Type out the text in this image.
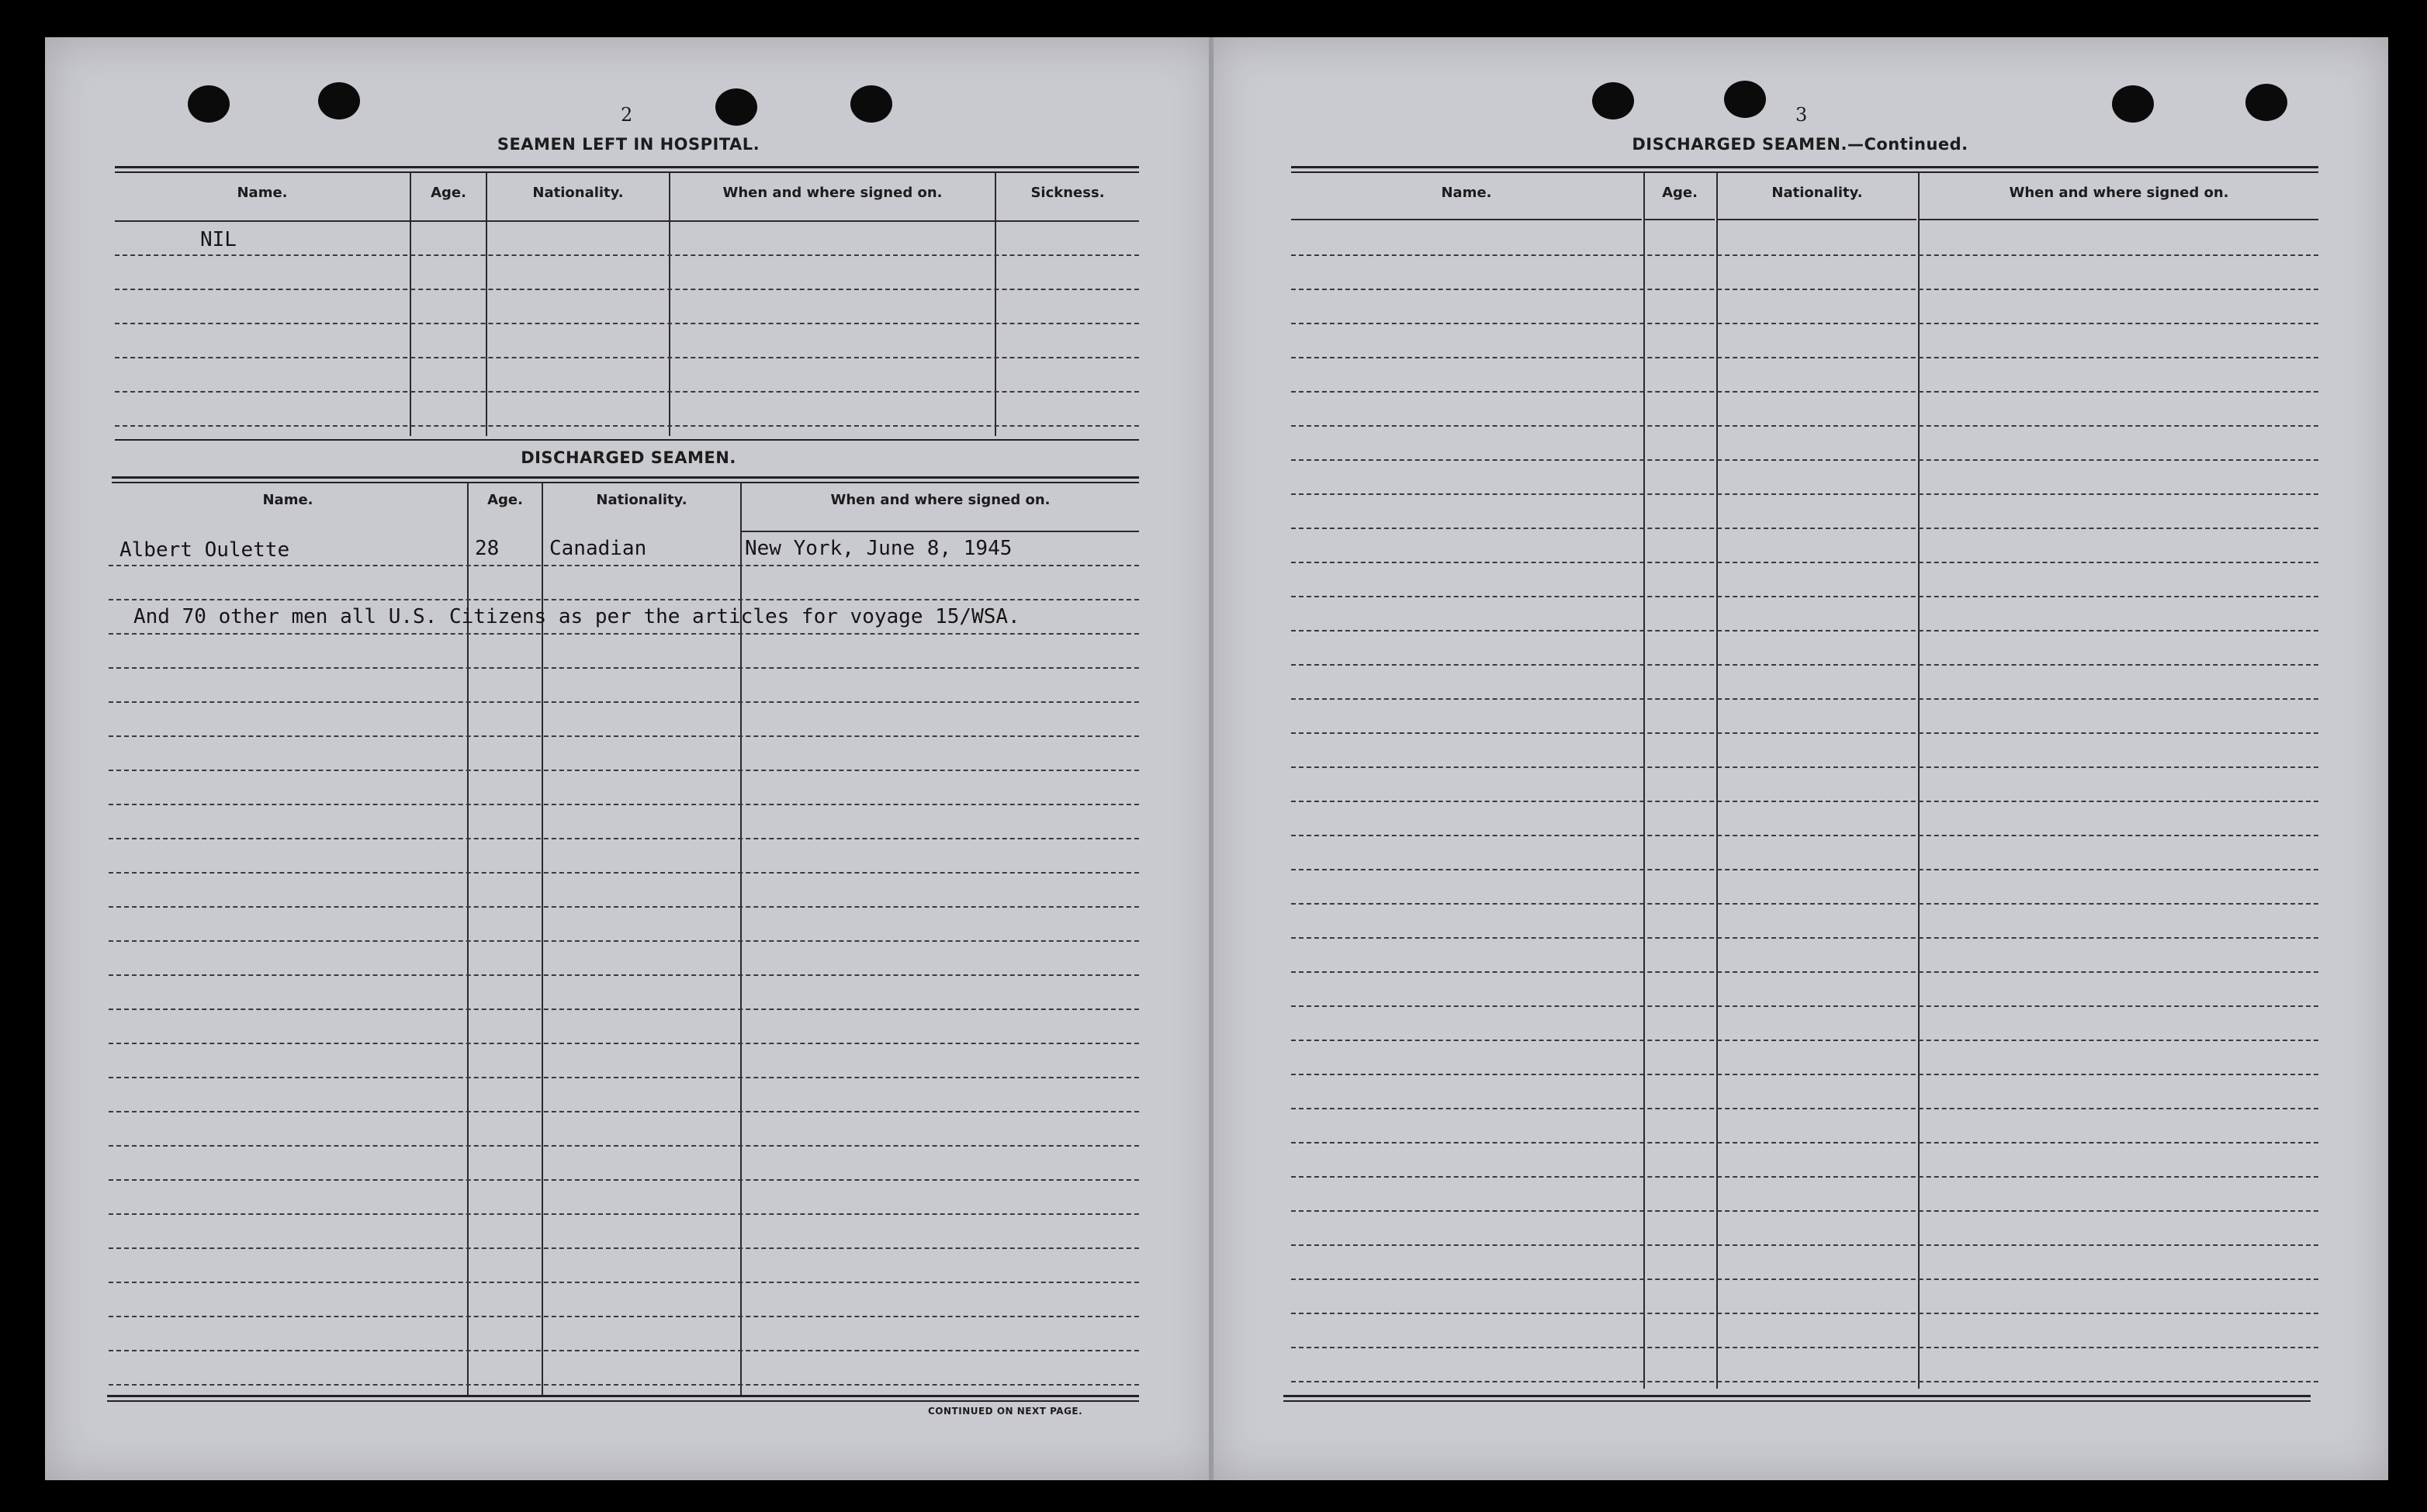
2
SEAMEN LEFT IN HOSPITAL.
Name.	Age.	Nationality.	When and where signed on.	Sickness.
NIL
DISCHARGED SEAMEN.
Name.	Age.	Nationality.	When and where signed on.
Albert Oulette	28 Canadian	New York, June 8, 1945
And 70 other men all U.S. Citizens as per the articles for voyage 15/WSA.
CONTINUED ON NEXT PAGE.
3
DISCHARGED SEAMEN.—Continued.
Name.	Age.	Nationality.	When and where signed on.
